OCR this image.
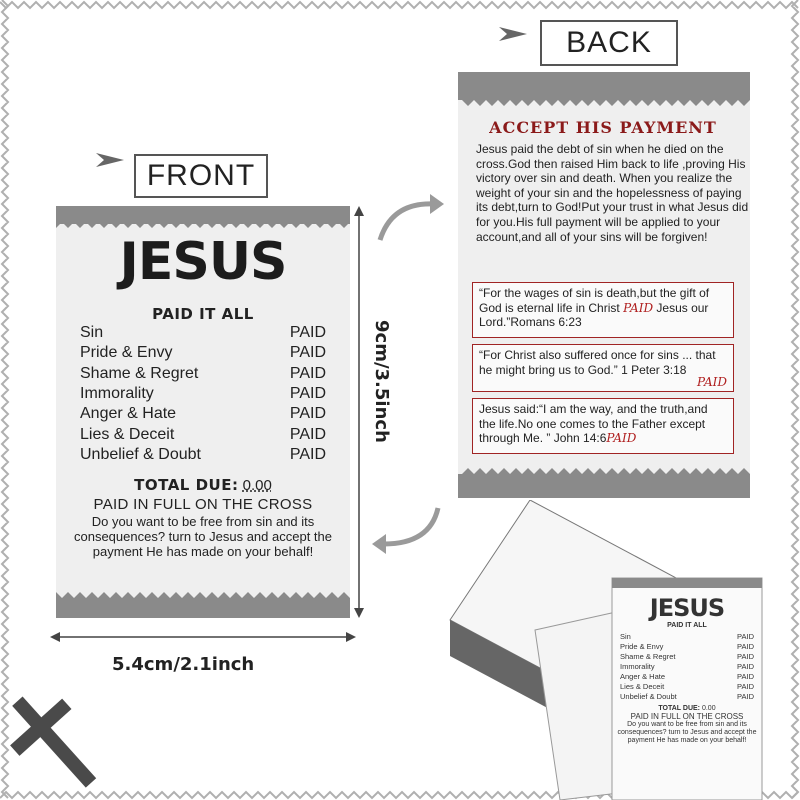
FRONT
BACK
JESUS
PAID IT ALL
Sin	PAID
Pride & Envy	PAID
Shame & Regret	PAID
Immorality	PAID
Anger & Hate	PAID
Lies & Deceit	PAID
Unbelief & Doubt	PAID
TOTAL DUE: 0.00
PAID IN FULL ON THE CROSS
Do you want to be free from sin and its consequences? turn to Jesus and accept the payment He has made on your behalf!
5.4cm/2.1inch
9cm/3.5inch
ACCEPT HIS PAYMENT
Jesus paid the debt of sin when he died on the cross.God then raised Him back to life ,proving His victory over sin and death. When you realize the weight of your sin and the hopelessness of paying its debt,turn to God!Put your trust in what Jesus did for you.His full payment will be applied to your account,and all of your sins will be forgiven!
“For the wages of sin is death,but the gift of God is eternal life in Christ PAID Jesus our Lord.”Romans 6:23
“For Christ also suffered once for sins ... that he might bring us to God.” 1 Peter 3:18
PAID
Jesus said:“I am the way, and the truth,and the life.No one comes to the Father except through Me. ” John 14:6PAID
JESUS
PAID IT ALL
Sin	PAID
Pride & Envy	PAID
Shame & Regret	PAID
Immorality	PAID
Anger & Hate	PAID
Lies & Deceit	PAID
Unbelief & Doubt	PAID
TOTAL DUE: 0.00
PAID IN FULL ON THE CROSS
Do you want to be free from sin and its consequences? turn to Jesus and accept the payment He has made on your behalf!
